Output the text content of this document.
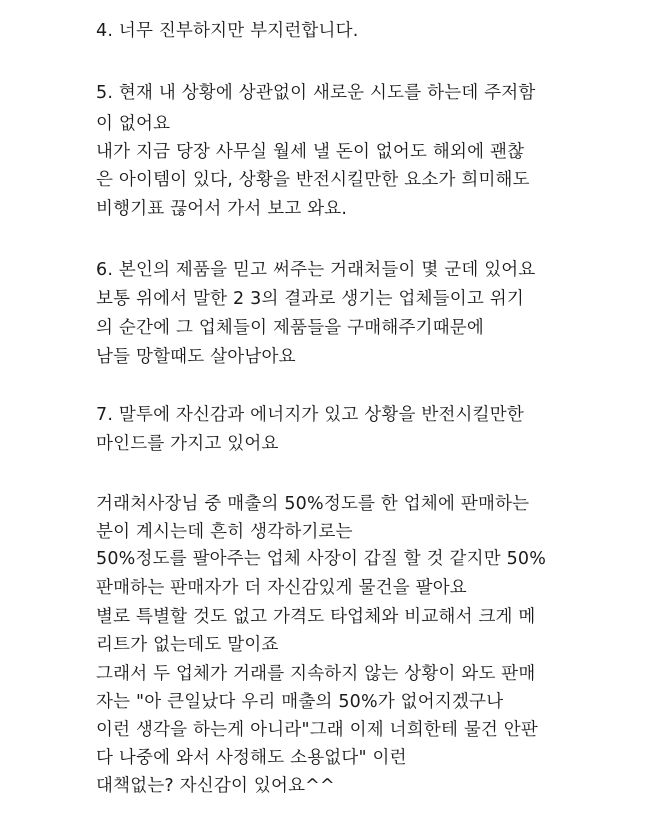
4. 너무 진부하지만 부지런합니다.

5. 현재 내 상황에 상관없이 새로운 시도를 하는데 주저함

이 없어요

내가 지금 당장 사무실 월세 낼 돈이 없어도 해외에 괜찮

은 아이템이 있다, 상황을 반전시킬만한 요소가 희미해도

비행기표 끊어서 가서 보고 와요.

6. 본인의 제품을 믿고 써주는 거래처들이 몇 군데 있어요

보통 위에서 말한 2 3의 결과로 생기는 업체들이고 위기

의 순간에 그 업체들이 제품들을 구매해주기때문에

남들 망할때도 살아남아요

7. 말투에 자신감과 에너지가 있고 상황을 반전시킬만한

마인드를 가지고 있어요

거래처사장님 중 매출의 50%정도를 한 업체에 판매하는

분이 계시는데 흔히 생각하기로는

50%정도를 팔아주는 업체 사장이 갑질 할 것 같지만 50%

판매하는 판매자가 더 자신감있게 물건을 팔아요

별로 특별할 것도 없고 가격도 타업체와 비교해서 크게 메

리트가 없는데도 말이죠

그래서 두 업체가 거래를 지속하지 않는 상황이 와도 판매

자는 "아 큰일났다 우리 매출의 50%가 없어지겠구나

이런 생각을 하는게 아니라"그래 이제 너희한테 물건 안판

다 나중에 와서 사정해도 소용없다" 이런

대책없는? 자신감이 있어요^^
